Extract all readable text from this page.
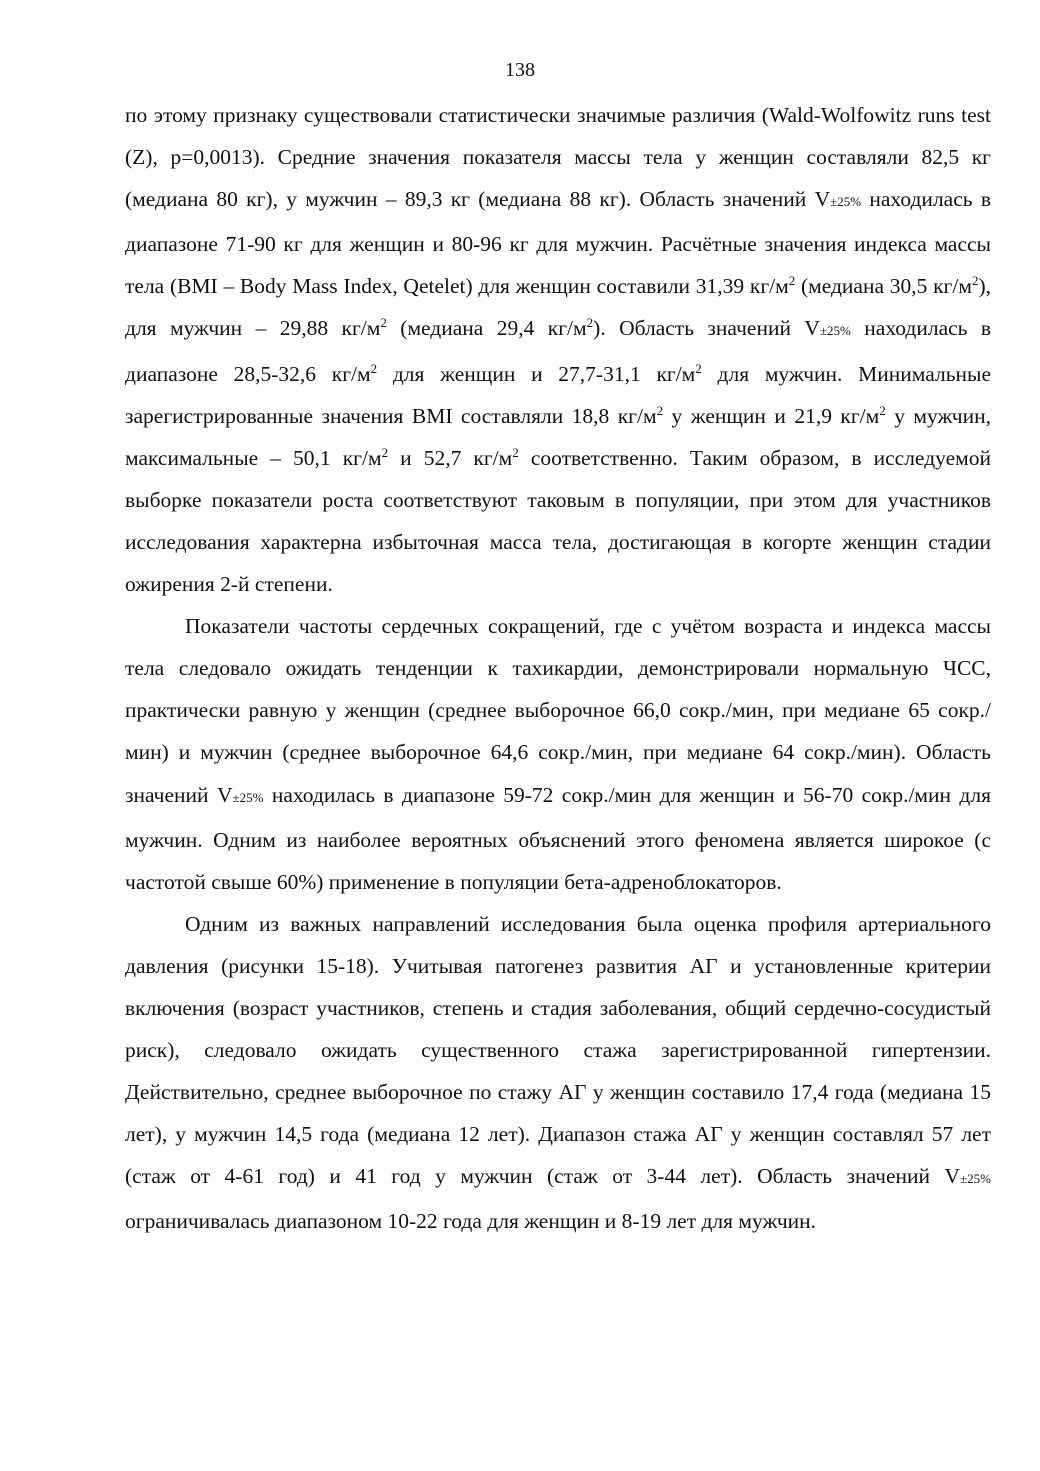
138

по этому признаку существовали статистически значимые различия (Wald-Wolfowitz runs test (Z), p=0,0013). Средние значения показателя массы тела у женщин составляли 82,5 кг (медиана 80 кг), у мужчин – 89,3 кг (медиана 88 кг). Область значений V±25% находилась в диапазоне 71-90 кг для женщин и 80-96 кг для мужчин. Расчётные значения индекса массы тела (BMI – Body Mass Index, Qetelet) для женщин составили 31,39 $кг/м^2$ (медиана 30,5 $кг/м^2$), для мужчин – 29,88 $кг/м^2$ (медиана 29,4 $кг/м^2$). Область значений V±25% находилась в диапазоне 28,5-32,6 $кг/м^2$ для женщин и 27,7-31,1 $кг/м^2$ для мужчин. Минимальные зарегистрированные значения BMI составляли 18,8 $кг/м^2$ у женщин и 21,9 $кг/м^2$ у мужчин, максимальные – 50,1 $кг/м^2$ и 52,7 $кг/м^2$ соответственно. Таким образом, в исследуемой выборке показатели роста соответствуют таковым в популяции, при этом для участников исследования характерна избыточная масса тела, достигающая в когорте женщин стадии ожирения 2-й степени.

Показатели частоты сердечных сокращений, где с учётом возраста и индекса массы тела следовало ожидать тенденции к тахикардии, демонстрировали нормальную ЧСС, практически равную у женщин (среднее выборочное 66,0 сокр./мин, при медиане 65 сокр./мин) и мужчин (среднее выборочное 64,6 сокр./мин, при медиане 64 сокр./мин). Область значений V±25% находилась в диапазоне 59-72 сокр./мин для женщин и 56-70 сокр./мин для мужчин. Одним из наиболее вероятных объяснений этого феномена является широкое (с частотой свыше 60%) применение в популяции бета-адреноблокаторов.

Одним из важных направлений исследования была оценка профиля артериального давления (рисунки 15-18). Учитывая патогенез развития АГ и установленные критерии включения (возраст участников, степень и стадия заболевания, общий сердечно-сосудистый риск), следовало ожидать существенного стажа зарегистрированной гипертензии. Действительно, среднее выборочное по стажу АГ у женщин составило 17,4 года (медиана 15 лет), у мужчин 14,5 года (медиана 12 лет). Диапазон стажа АГ у женщин составлял 57 лет (стаж от 4-61 год) и 41 год у мужчин (стаж от 3-44 лет). Область значений V±25% ограничивалась диапазоном 10-22 года для женщин и 8-19 лет для мужчин.
